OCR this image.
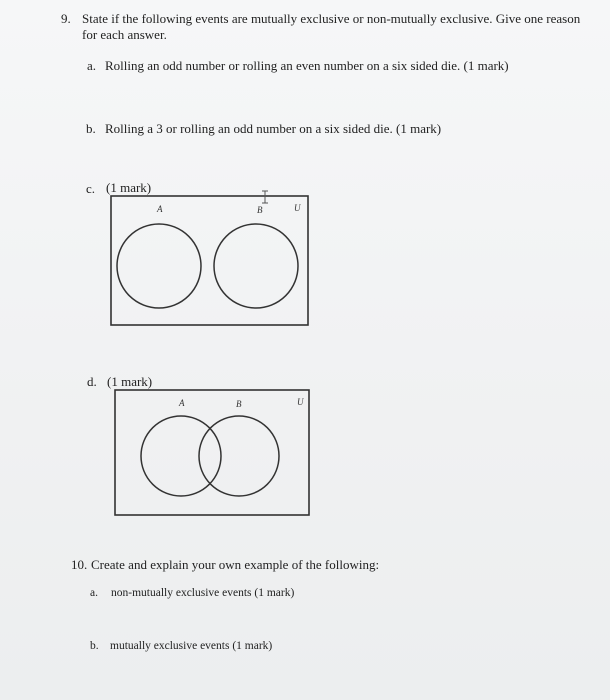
9. State if the following events are mutually exclusive or non-mutually exclusive. Give one reason
for each answer.
a. Rolling an odd number or rolling an even number on a six sided die. (1 mark)
b. Rolling a 3 or rolling an odd number on a six sided die. (1 mark)
c. (1 mark)
A	B	U
d. (1 mark)
A	B	U
10. Create and explain your own example of the following:
a. non-mutually exclusive events (1 mark)
b. mutually exclusive events (1 mark)
